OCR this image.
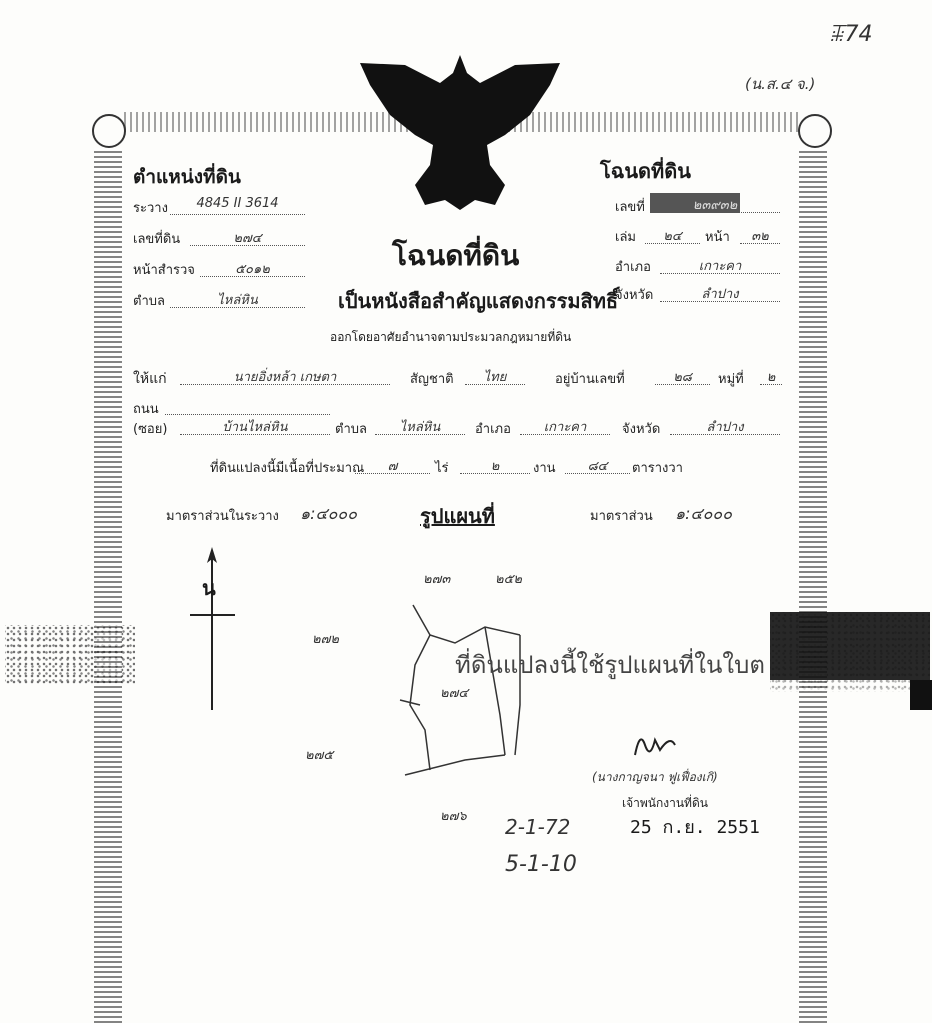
ꔯ74
(น.ส.๔ จ.)
ตำแหน่งที่ดิน
ระวาง	4845 II 3614
เลขที่ดิน	๒๗๔
หน้าสำรวจ	๕๐๑๒
ตำบล	ไหล่หิน
โฉนดที่ดิน
เป็นหนังสือสำคัญแสดงกรรมสิทธิ์
ออกโดยอาศัยอำนาจตามประมวลกฎหมายที่ดิน
โฉนดที่ดิน
เลขที่	๒๓๙๓๒
เล่ม	๒๔	หน้า	๓๒
อำเภอ	เกาะคา
จังหวัด	ลำปาง
ให้แก่	นายอิ่งหล้า เกษตา	สัญชาติ	ไทย	อยู่บ้านเลขที่	๒๘	หมู่ที่	๒
ถนน
(ซอย)	บ้านไหล่หิน	ตำบล	ไหล่หิน	อำเภอ	เกาะคา	จังหวัด	ลำปาง
ที่ดินแปลงนี้มีเนื้อที่ประมาณ	๗	ไร่	๒	งาน	๘๔	ตารางวา
มาตราส่วนในระวาง ๑:๔๐๐๐	รูปแผนที่	มาตราส่วน ๑:๔๐๐๐
น	๒๗๓	๒๕๒
๒๗๒
๒๗๔
๒๗๕
๒๗๖
ที่ดินแปลงนี้ใช้รูปแผนที่ในใบต
(นางกาญจนา ฟูเฟื่องเกิ)
เจ้าพนักงานที่ดิน
25 ก.ย. 2551
2-1-72
5-1-10
